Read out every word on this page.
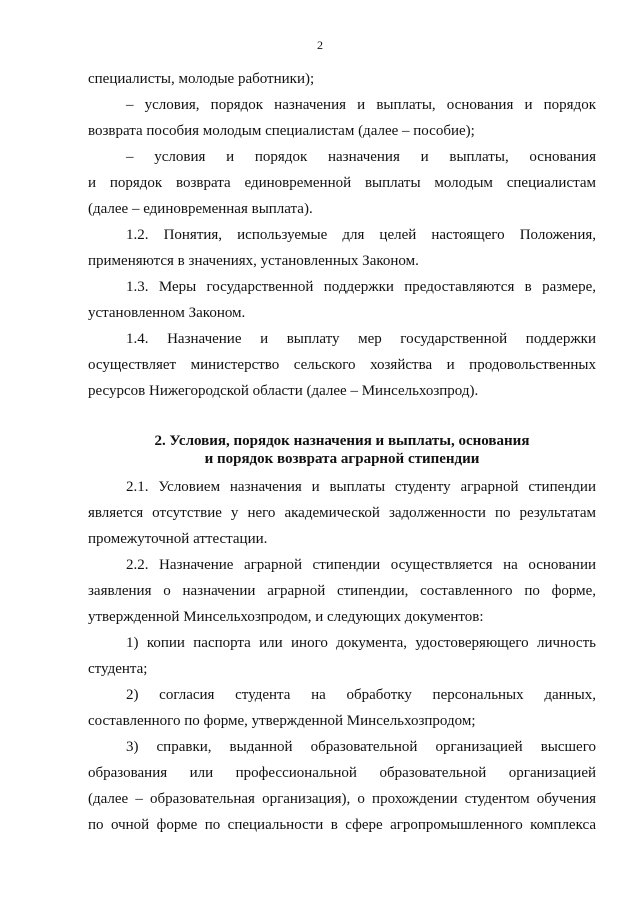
2
специалисты, молодые работники);
– условия, порядок назначения и выплаты, основания и порядок
возврата пособия молодым специалистам (далее – пособие);
– условия и порядок назначения и выплаты, основания
и порядок возврата единовременной выплаты молодым специалистам
(далее – единовременная выплата).
1.2. Понятия, используемые для целей настоящего Положения,
применяются в значениях, установленных Законом.
1.3. Меры государственной поддержки предоставляются в размере,
установленном Законом.
1.4. Назначение и выплату мер государственной поддержки
осуществляет министерство сельского хозяйства и продовольственных
ресурсов Нижегородской области (далее – Минсельхозпрод).
2. Условия, порядок назначения и выплаты, основания
и порядок возврата аграрной стипендии
2.1. Условием назначения и выплаты студенту аграрной стипендии
является отсутствие у него академической задолженности по результатам
промежуточной аттестации.
2.2. Назначение аграрной стипендии осуществляется на основании
заявления о назначении аграрной стипендии, составленного по форме,
утвержденной Минсельхозпродом, и следующих документов:
1) копии паспорта или иного документа, удостоверяющего личность
студента;
2) согласия студента на обработку персональных данных,
составленного по форме, утвержденной Минсельхозпродом;
3) справки, выданной образовательной организацией высшего
образования или профессиональной образовательной организацией
(далее – образовательная организация), о прохождении студентом обучения
по очной форме по специальности в сфере агропромышленного комплекса
